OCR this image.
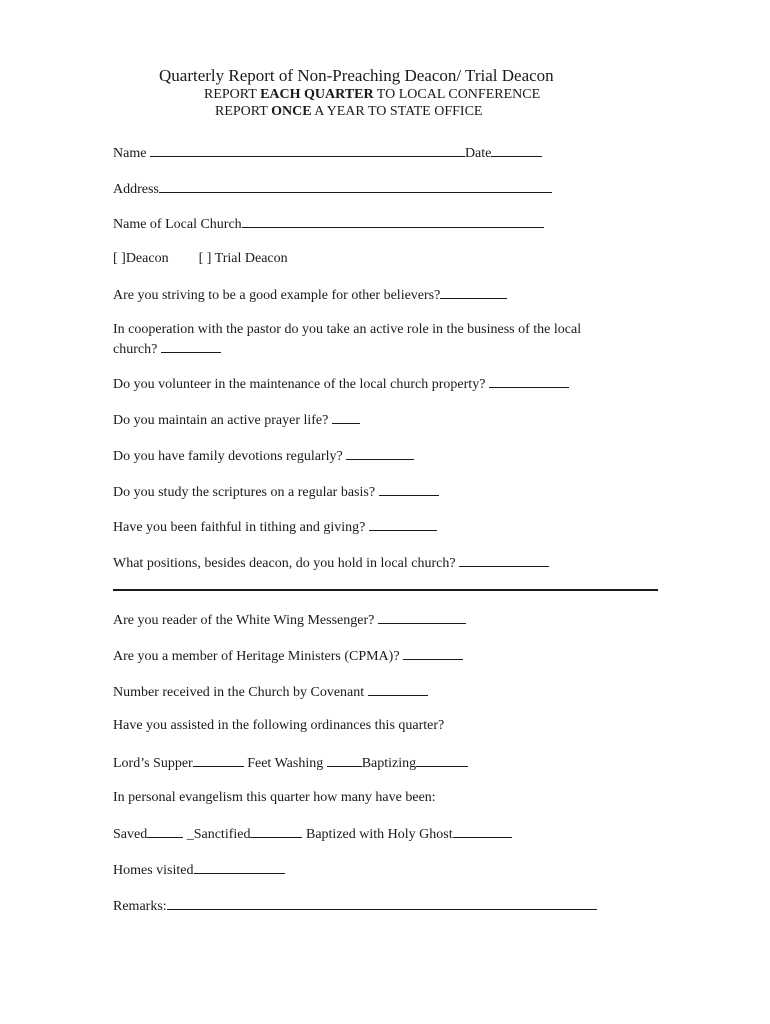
Quarterly Report of Non-Preaching Deacon/ Trial Deacon
REPORT EACH QUARTER TO LOCAL CONFERENCE
REPORT ONCE A YEAR TO STATE OFFICE
Name	Date
Address
Name of Local Church
[ ]Deacon [ ] Trial Deacon
Are you striving to be a good example for other believers?
In cooperation with the pastor do you take an active role in the business of the local
church?
Do you volunteer in the maintenance of the local church property?
Do you maintain an active prayer life?
Do you have family devotions regularly?
Do you study the scriptures on a regular basis?
Have you been faithful in tithing and giving?
What positions, besides deacon, do you hold in local church?
Are you reader of the White Wing Messenger?
Are you a member of Heritage Ministers (CPMA)?
Number received in the Church by Covenant
Have you assisted in the following ordinances this quarter?
Lord’s Supper	Feet Washing	Baptizing
In personal evangelism this quarter how many have been:
Saved	_Sanctified	Baptized with Holy Ghost
Homes visited
Remarks:
